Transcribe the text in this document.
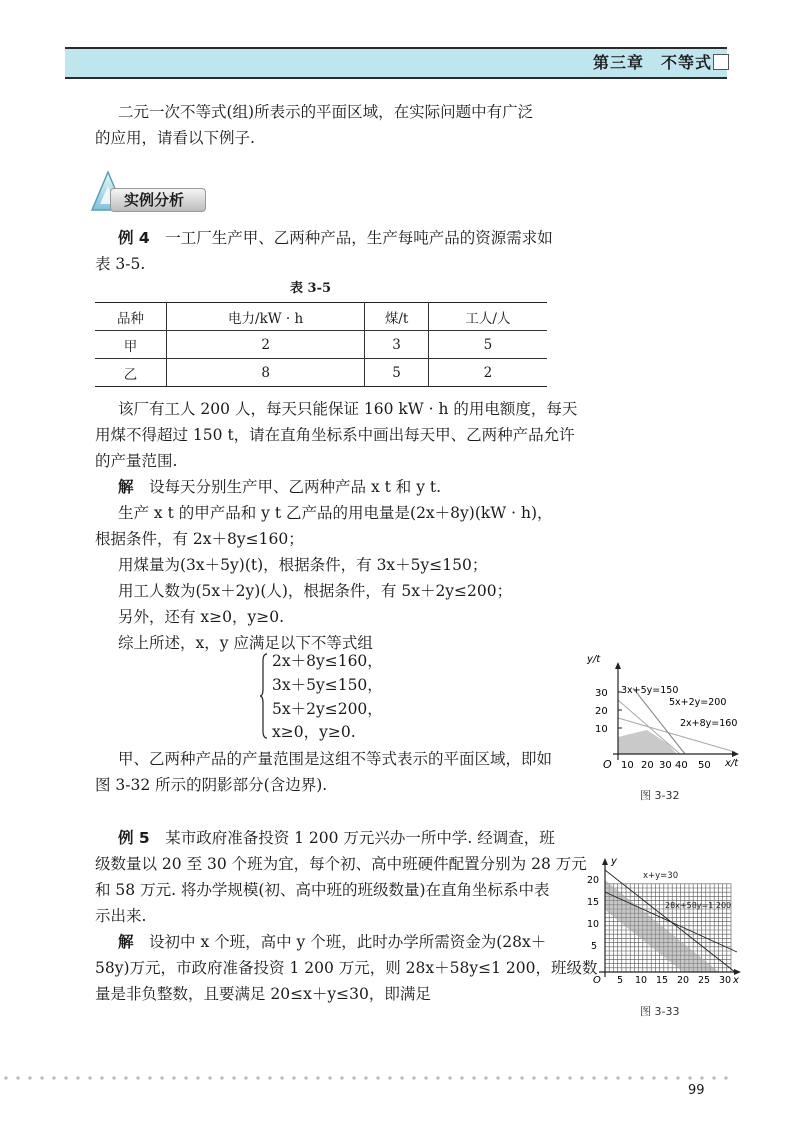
第三章　不等式

二元一次不等式(组)所表示的平面区域，在实际问题中有广泛

的应用，请看以下例子.

实例分析

例 4　 一工厂生产甲、乙两种产品，生产每吨产品的资源需求如

表 3-5.

表 3-5
品种	电力/kW · h	煤/t	工人/人
甲	2	3	5
乙	8	5	2

该厂有工人 200 人，每天只能保证 160 kW · h 的用电额度，每天

用煤不得超过 150 t，请在直角坐标系中画出每天甲、乙两种产品允许

的产量范围.

解　 设每天分别生产甲、乙两种产品 x t 和 y t.

生产 x t 的甲产品和 y t 乙产品的用电量是(2x＋8y)(kW · h)，

根据条件，有 2x＋8y≤160；

用煤量为(3x＋5y)(t)，根据条件，有 3x＋5y≤150；

用工人数为(5x＋2y)(人)，根据条件，有 5x＋2y≤200；

另外，还有 x≥0，y≥0.

综上所述，x，y 应满足以下不等式组

2x＋8y≤160，

3x＋5y≤150，

5x＋2y≤200，

x≥0，y≥0.

甲、乙两种产品的产量范围是这组不等式表示的平面区域，即如

图 3-32 所示的阴影部分(含边界).

例 5　 某市政府准备投资 1 200 万元兴办一所中学. 经调查，班

级数量以 20 至 30 个班为宜，每个初、高中班硬件配置分别为 28 万元

和 58 万元. 将办学规模(初、高中班的班级数量)在直角坐标系中表

示出来.

解　 设初中 x 个班，高中 y 个班，此时办学所需资金为(28x＋

58y)万元，市政府准备投资 1 200 万元，则 28x＋58y≤1 200，班级数

量是非负整数，且要满足 20≤x＋y≤30，即满足

10
20
30
10 20 30 40 50
O
y/t
x/t
3x+5y=150
5x+2y=200
2x+8y=160
图 3-32
5
10
15
20
5 10 15 20 25 30
O
y
x
x+y=30
28x+58y=1 200
图 3-33
99
